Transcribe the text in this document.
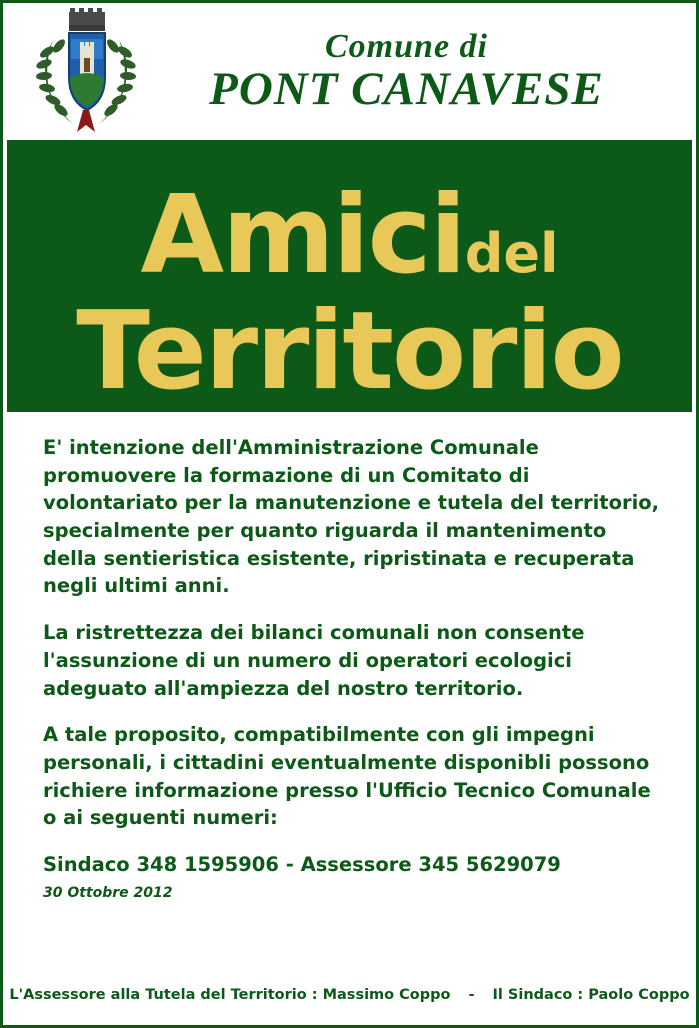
Comune di
PONT CANAVESE
Amicidel
Territorio

E' intenzione dell'Amministrazione Comunale promuovere la formazione di un Comitato di volontariato per la manutenzione e tutela del territorio, specialmente per quanto riguarda il mantenimento della sentieristica esistente, ripristinata e recuperata negli ultimi anni.

La ristrettezza dei bilanci comunali non consente l'assunzione di un numero di operatori ecologici adeguato all'ampiezza del nostro territorio.

A tale proposito, compatibilmente con gli impegni personali, i cittadini eventualmente disponibli possono richiere informazione presso l'Ufficio Tecnico Comunale o ai seguenti numeri:

Sindaco 348 1595906 - Assessore 345 5629079
30 Ottobre 2012
L'Assessore alla Tutela del Territorio : Massimo Coppo - Il Sindaco : Paolo Coppo
